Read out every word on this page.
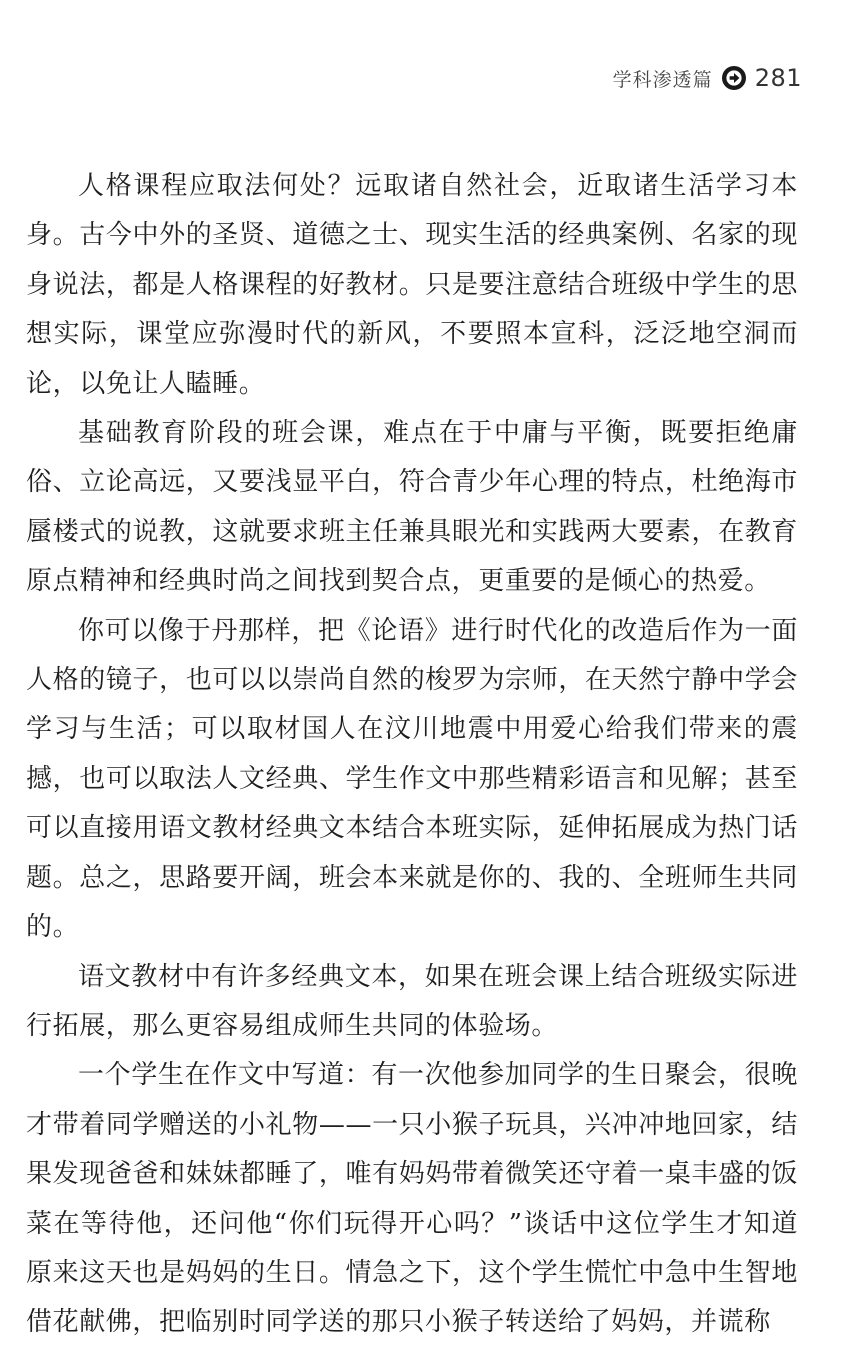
学科渗透篇 281

人格课程应取法何处？远取诸自然社会，近取诸生活学习本身。古今中外的圣贤、道德之士、现实生活的经典案例、名家的现身说法，都是人格课程的好教材。只是要注意结合班级中学生的思想实际，课堂应弥漫时代的新风，不要照本宣科，泛泛地空洞而论，以免让人瞌睡。

基础教育阶段的班会课，难点在于中庸与平衡，既要拒绝庸俗、立论高远，又要浅显平白，符合青少年心理的特点，杜绝海市蜃楼式的说教，这就要求班主任兼具眼光和实践两大要素，在教育原点精神和经典时尚之间找到契合点，更重要的是倾心的热爱。

你可以像于丹那样，把《论语》进行时代化的改造后作为一面人格的镜子，也可以以崇尚自然的梭罗为宗师，在天然宁静中学会学习与生活；可以取材国人在汶川地震中用爱心给我们带来的震撼，也可以取法人文经典、学生作文中那些精彩语言和见解；甚至可以直接用语文教材经典文本结合本班实际，延伸拓展成为热门话题。总之，思路要开阔，班会本来就是你的、我的、全班师生共同的。

语文教材中有许多经典文本，如果在班会课上结合班级实际进行拓展，那么更容易组成师生共同的体验场。

一个学生在作文中写道：有一次他参加同学的生日聚会，很晚才带着同学赠送的小礼物——一只小猴子玩具，兴冲冲地回家，结果发现爸爸和妹妹都睡了，唯有妈妈带着微笑还守着一桌丰盛的饭菜在等待他，还问他“你们玩得开心吗？”谈话中这位学生才知道原来这天也是妈妈的生日。情急之下，这个学生慌忙中急中生智地借花献佛，把临别时同学送的那只小猴子转送给了妈妈，并谎称
